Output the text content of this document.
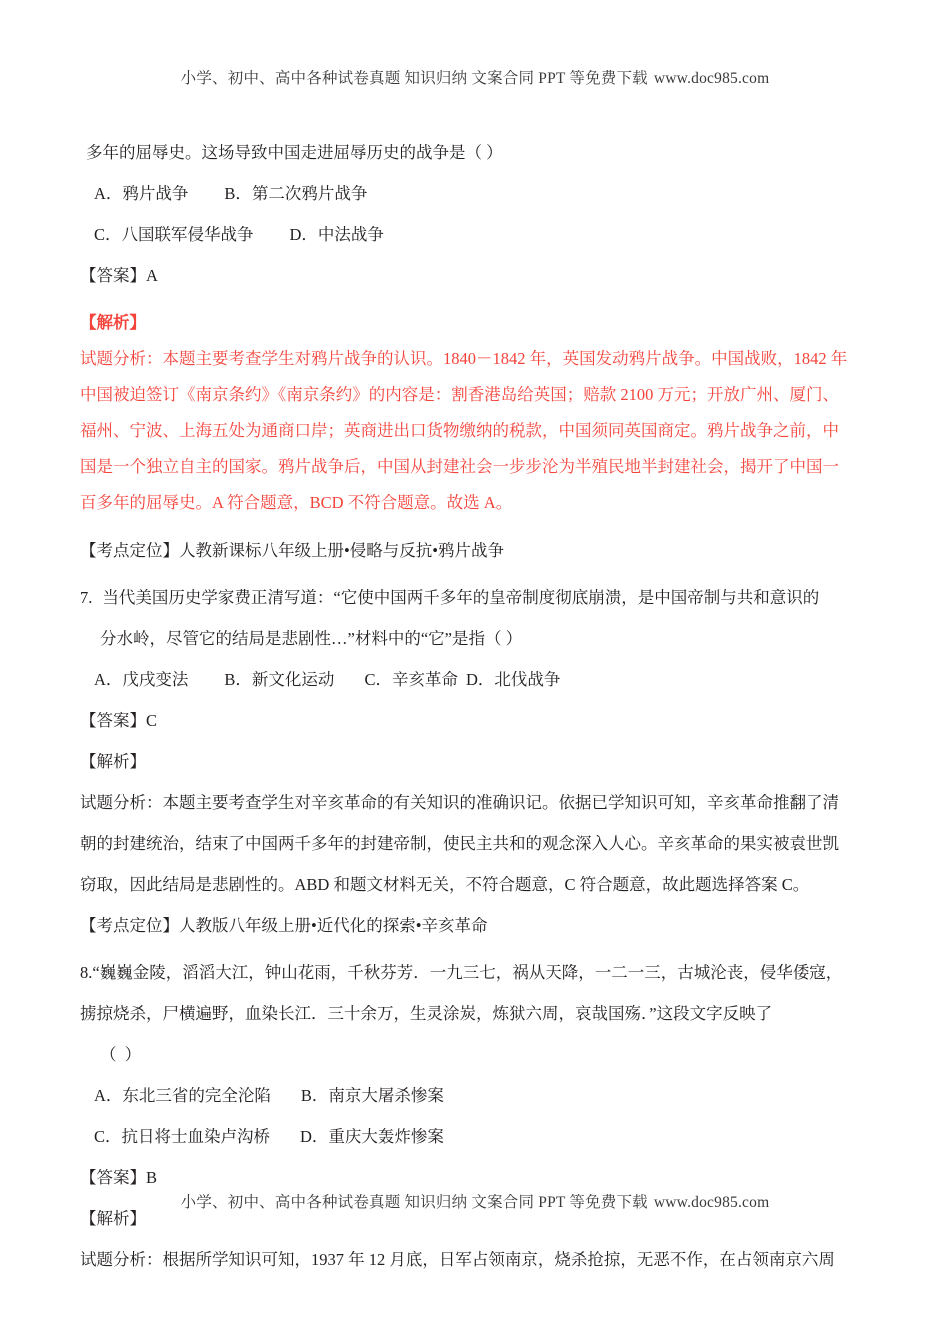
小学、初中、高中各种试卷真题 知识归纳 文案合同 PPT 等免费下载 www.doc985.com
多年的屈辱史。这场导致中国走进屈辱历史的战争是（ ）
A．鸦片战争 B．第二次鸦片战争
C．八国联军侵华战争 D．中法战争
【答案】A
【解析】
试题分析：本题主要考查学生对鸦片战争的认识。1840－1842 年，英国发动鸦片战争。中国战败，1842 年
中国被迫签订《南京条约》《南京条约》的内容是：割香港岛给英国；赔款 2100 万元；开放广州、厦门、
福州、宁波、上海五处为通商口岸；英商进出口货物缴纳的税款，中国须同英国商定。鸦片战争之前，中
国是一个独立自主的国家。鸦片战争后，中国从封建社会一步步沦为半殖民地半封建社会，揭开了中国一
百多年的屈辱史。A 符合题意，BCD 不符合题意。故选 A。
【考点定位】人教新课标八年级上册•侵略与反抗•鸦片战争
7. 当代美国历史学家费正清写道：“它使中国两千多年的皇帝制度彻底崩溃，是中国帝制与共和意识的
分水岭，尽管它的结局是悲剧性…”材料中的“它”是指（ ）
A．戊戌变法 B．新文化运动 C．辛亥革命 D．北伐战争
【答案】C
【解析】
试题分析：本题主要考查学生对辛亥革命的有关知识的准确识记。依据已学知识可知，辛亥革命推翻了清
朝的封建统治，结束了中国两千多年的封建帝制，使民主共和的观念深入人心。辛亥革命的果实被袁世凯
窃取，因此结局是悲剧性的。ABD 和题文材料无关，不符合题意，C 符合题意，故此题选择答案 C。
【考点定位】人教版八年级上册•近代化的探索•辛亥革命
8.“巍巍金陵，滔滔大江，钟山花雨，千秋芬芳．一九三七，祸从天降，一二一三，古城沦丧，侵华倭寇，
掳掠烧杀，尸横遍野，血染长江．三十余万，生灵涂炭，炼狱六周，哀哉国殇．”这段文字反映了
（ ）
A．东北三省的完全沦陷 B．南京大屠杀惨案
C．抗日将士血染卢沟桥 D．重庆大轰炸惨案
【答案】B
【解析】
试题分析：根据所学知识可知，1937 年 12 月底，日军占领南京，烧杀抢掠，无恶不作，在占领南京六周
小学、初中、高中各种试卷真题 知识归纳 文案合同 PPT 等免费下载 www.doc985.com
